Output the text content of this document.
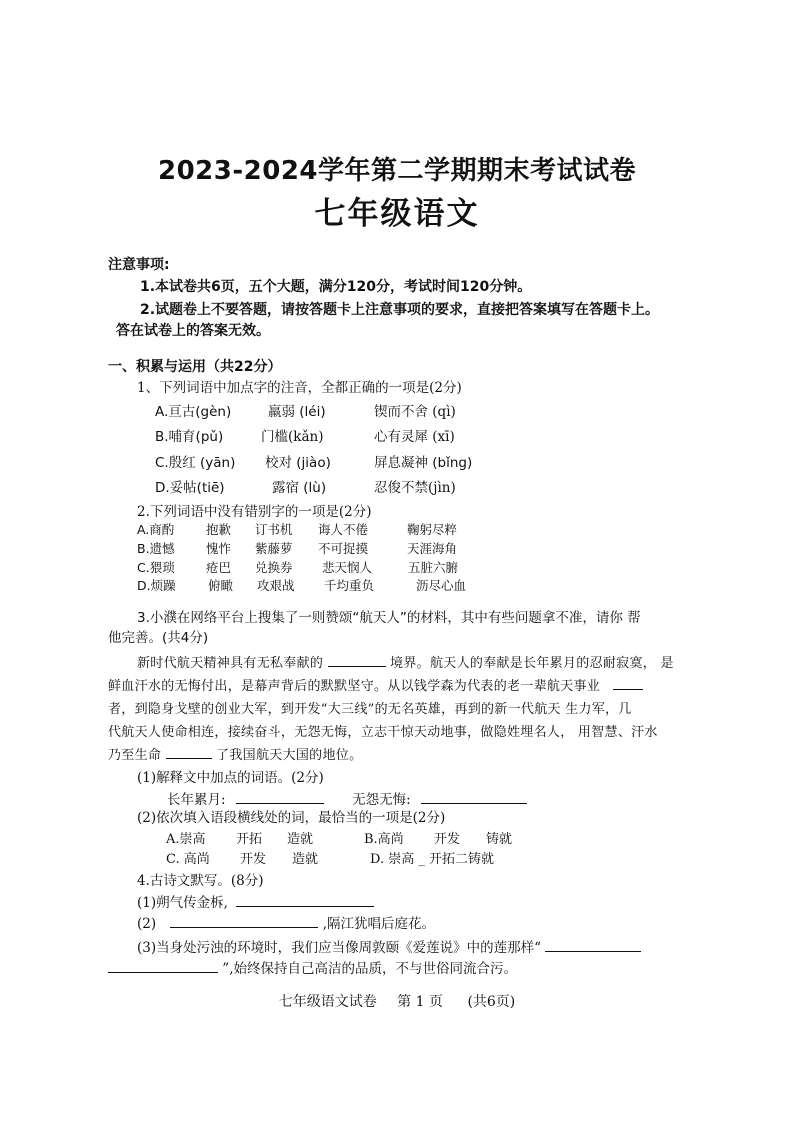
2023-2024学年第二学期期末考试试卷
七年级语文
注意事项:
1.本试卷共6页，五个大题，满分120分，考试时间120分钟。
2.试题卷上不要答题，请按答题卡上注意事项的要求，直接把答案填写在答题卡上。
答在试卷上的答案无效。
一、积累与运用（共22分）
1、下列词语中加点字的注音，全都正确的一项是(2分)
A.亘古(gèn)	羸弱 (léi)	锲而不舍 (qì)
B.哺育(pǔ)	门槛(kǎn)	心有灵犀 (xī)
C.殷红 (yān) 校对 (jiào)	屏息凝神 (bǐng)
D.妥帖(tiē)	露宿 (lù)	忍俊不禁(jìn)
2.下列词语中没有错别字的一项是(2分)
A.商酌	抱歉 订书机 诲人不倦	鞠躬尽粹
B.遗憾	愧怍 紫藤萝 不可捉摸	天涯海角
C.猥琐	疮巴 兑换券 悲天悯人	五脏六腑
D.烦躁	俯瞰 攻艰战 千均重负	沥尽心血
3.小濮在网络平台上搜集了一则赞颂“航天人”的材料，其中有些问题拿不准，请你 帮
他完善。(共4分)
新时代航天精神具有无私奉献的	境界。航天人的奉献是长年累月的忍耐寂寞， 是
鲜血汗水的无悔付出，是幕声背后的默默坚守。从以钱学森为代表的老一辈航天事业
者，到隐身戈壁的创业大军，到开发“大三线”的无名英雄，再到的新一代航天 生力军，几
代航天人使命相连，接续奋斗，无怨无悔，立志干惊天动地事，做隐姓埋名人， 用智慧、汗水
乃至生命	了我国航天大国的地位。
(1)解释文中加点的词语。(2分)
长年累月:	无怨无悔:
(2)依次填入语段横线处的词，最恰当的一项是(2分)
A.崇高 开拓 造就	B.高尚 开发 铸就
C. 高尚 开发 造就	D. 崇高 _ 开拓二铸就
4.古诗文默写。(8分)
(1)朔气传金柝,
(2)	,隔江犹唱后庭花。
(3)当身处污浊的环境时，我们应当像周敦颐《爱莲说》中的莲那样“
”,始终保持自己高洁的品质，不与世俗同流合污。
七年级语文试卷 第 1 页 (共6页)
